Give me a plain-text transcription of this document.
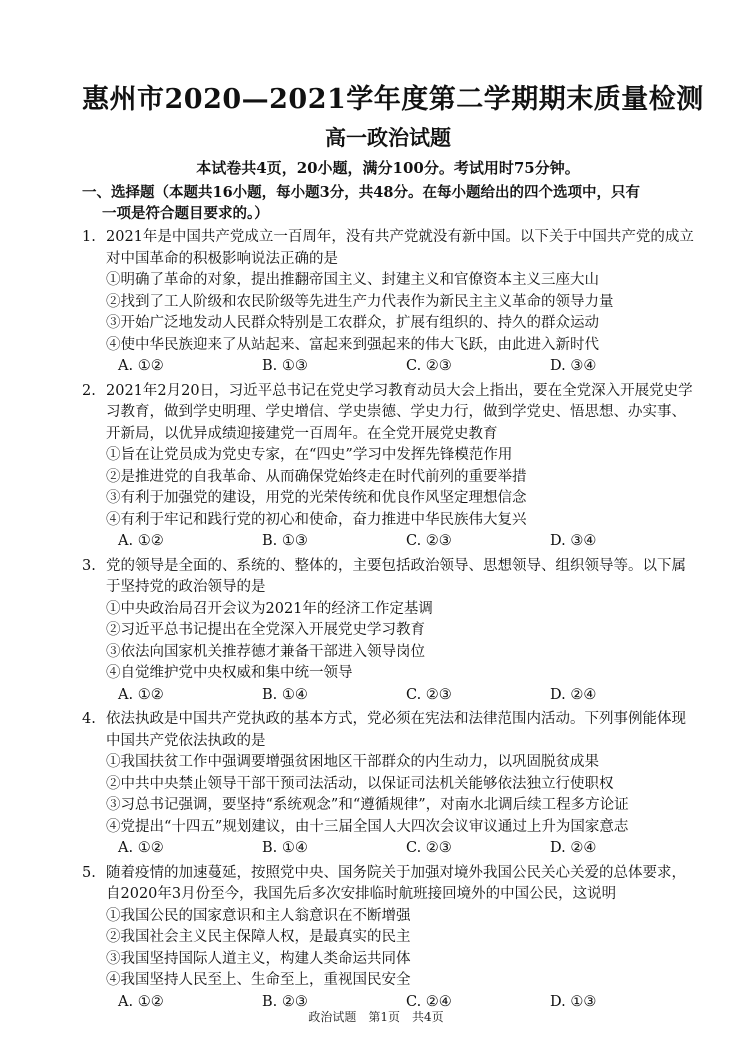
惠州市2020—2021学年度第二学期期末质量检测
高一政治试题

本试卷共4页，20小题，满分100分。考试用时75分钟。

一、选择题（本题共16小题，每小题3分，共48分。在每小题给出的四个选项中，只有
一项是符合题目要求的。）

1. 2021年是中国共产党成立一百周年，没有共产党就没有新中国。以下关于中国共产党的成立对中国革命的积极影响说法正确的是

①明确了革命的对象，提出推翻帝国主义、封建主义和官僚资本主义三座大山

②找到了工人阶级和农民阶级等先进生产力代表作为新民主主义革命的领导力量

③开始广泛地发动人民群众特别是工农群众，扩展有组织的、持久的群众运动

④使中华民族迎来了从站起来、富起来到强起来的伟大飞跃，由此进入新时代

A. ①②	B. ①③	C. ②③	D. ③④

2. 2021年2月20日，习近平总书记在党史学习教育动员大会上指出，要在全党深入开展党史学习教育，做到学史明理、学史增信、学史崇德、学史力行，做到学党史、悟思想、办实事、开新局，以优异成绩迎接建党一百周年。在全党开展党史教育

①旨在让党员成为党史专家，在“四史”学习中发挥先锋模范作用

②是推进党的自我革命、从而确保党始终走在时代前列的重要举措

③有利于加强党的建设，用党的光荣传统和优良作风坚定理想信念

④有利于牢记和践行党的初心和使命，奋力推进中华民族伟大复兴

A. ①②	B. ①③	C. ②③	D. ③④

3. 党的领导是全面的、系统的、整体的，主要包括政治领导、思想领导、组织领导等。以下属于坚持党的政治领导的是

①中央政治局召开会议为2021年的经济工作定基调

②习近平总书记提出在全党深入开展党史学习教育

③依法向国家机关推荐德才兼备干部进入领导岗位

④自觉维护党中央权威和集中统一领导

A. ①②	B. ①④	C. ②③	D. ②④

4. 依法执政是中国共产党执政的基本方式，党必须在宪法和法律范围内活动。下列事例能体现中国共产党依法执政的是

①我国扶贫工作中强调要增强贫困地区干部群众的内生动力，以巩固脱贫成果

②中共中央禁止领导干部干预司法活动，以保证司法机关能够依法独立行使职权

③习总书记强调，要坚持“系统观念”和“遵循规律”，对南水北调后续工程多方论证

④党提出“十四五”规划建议，由十三届全国人大四次会议审议通过上升为国家意志

A. ①②	B. ①④	C. ②③	D. ②④

5. 随着疫情的加速蔓延，按照党中央、国务院关于加强对境外我国公民关心关爱的总体要求，自2020年3月份至今，我国先后多次安排临时航班接回境外的中国公民，这说明

①我国公民的国家意识和主人翁意识在不断增强

②我国社会主义民主保障人权，是最真实的民主

③我国坚持国际人道主义，构建人类命运共同体

④我国坚持人民至上、生命至上，重视国民安全

A. ①②	B. ②③	C. ②④	D. ①③
政治试题　第1页　共4页
